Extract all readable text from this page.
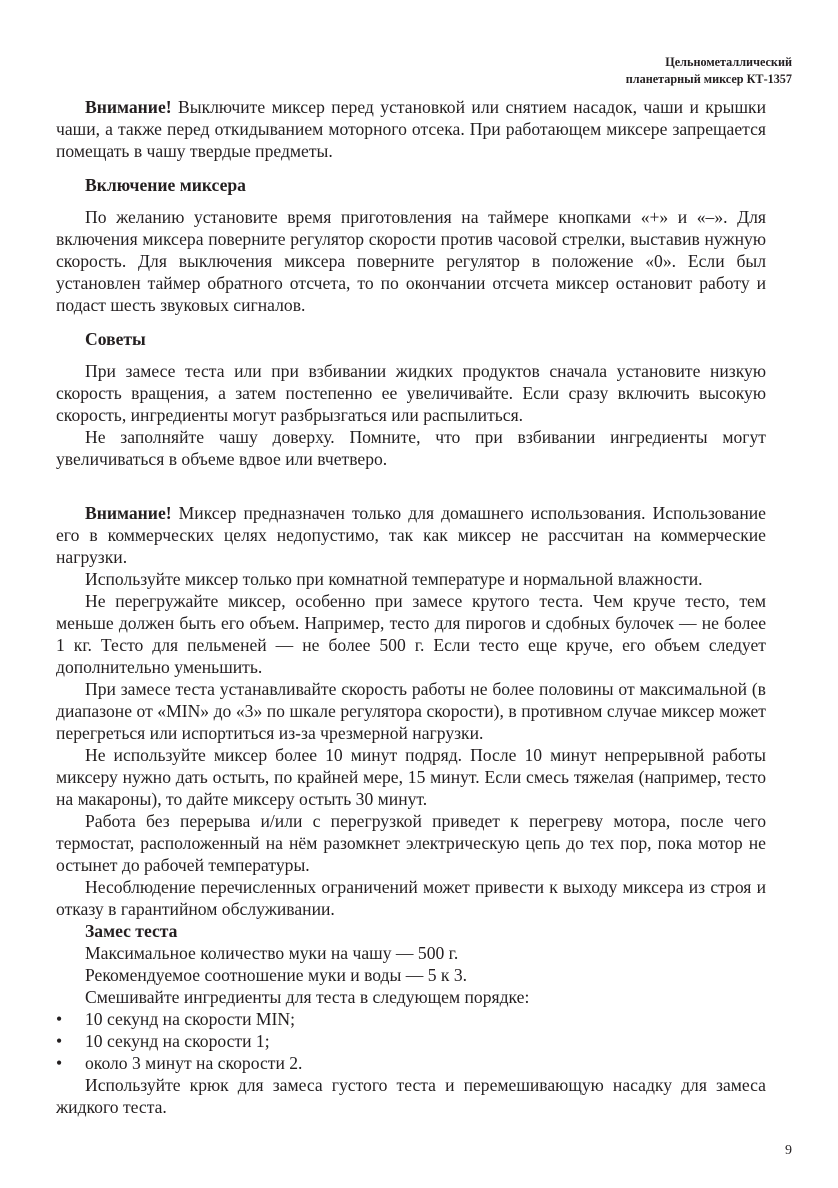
Цельнометаллический
планетарный миксер КТ-1357

Внимание! Выключите миксер перед установкой или снятием насадок, чаши и крышки чаши, а также перед откидыванием моторного отсека. При работающем миксере запрещается помещать в чашу твердые предметы.

Включение миксера

По желанию установите время приготовления на таймере кнопками «+» и «–». Для включения миксера поверните регулятор скорости против часовой стрелки, выставив нужную скорость. Для выключения миксера поверните регулятор в положение «0». Если был установлен таймер обратного отсчета, то по окончании отсчета миксер остановит работу и подаст шесть звуковых сигналов.

Советы

При замесе теста или при взбивании жидких продуктов сначала установите низкую скорость вращения, а затем постепенно ее увеличивайте. Если сразу включить высокую скорость, ингредиенты могут разбрызгаться или распылиться.

Не заполняйте чашу доверху. Помните, что при взбивании ингредиенты могут увеличиваться в объеме вдвое или вчетверо.

Внимание! Миксер предназначен только для домашнего использования. Использование его в коммерческих целях недопустимо, так как миксер не рассчитан на коммерческие нагрузки.

Используйте миксер только при комнатной температуре и нормальной влажности.

Не перегружайте миксер, особенно при замесе крутого теста. Чем круче тесто, тем меньше должен быть его объем. Например, тесто для пирогов и сдобных булочек — не более 1 кг. Тесто для пельменей — не более 500 г. Если тесто еще круче, его объем следует дополнительно уменьшить.

При замесе теста устанавливайте скорость работы не более половины от максимальной (в диапазоне от «MIN» до «3» по шкале регулятора скорости), в противном случае миксер может перегреться или испортиться из-за чрезмерной нагрузки.

Не используйте миксер более 10 минут подряд. После 10 минут непрерывной работы миксеру нужно дать остыть, по крайней мере, 15 минут. Если смесь тяжелая (например, тесто на макароны), то дайте миксеру остыть 30 минут.

Работа без перерыва и/или с перегрузкой приведет к перегреву мотора, после чего термостат, расположенный на нём разомкнет электрическую цепь до тех пор, пока мотор не остынет до рабочей температуры.

Несоблюдение перечисленных ограничений может привести к выходу миксера из строя и отказу в гарантийном обслуживании.

Замес теста

Максимальное количество муки на чашу — 500 г.

Рекомендуемое соотношение муки и воды — 5 к 3.

Смешивайте ингредиенты для теста в следующем порядке:

• 10 секунд на скорости MIN;
• 10 секунд на скорости 1;
• около 3 минут на скорости 2.

Используйте крюк для замеса густого теста и перемешивающую насадку для замеса жидкого теста.

9
